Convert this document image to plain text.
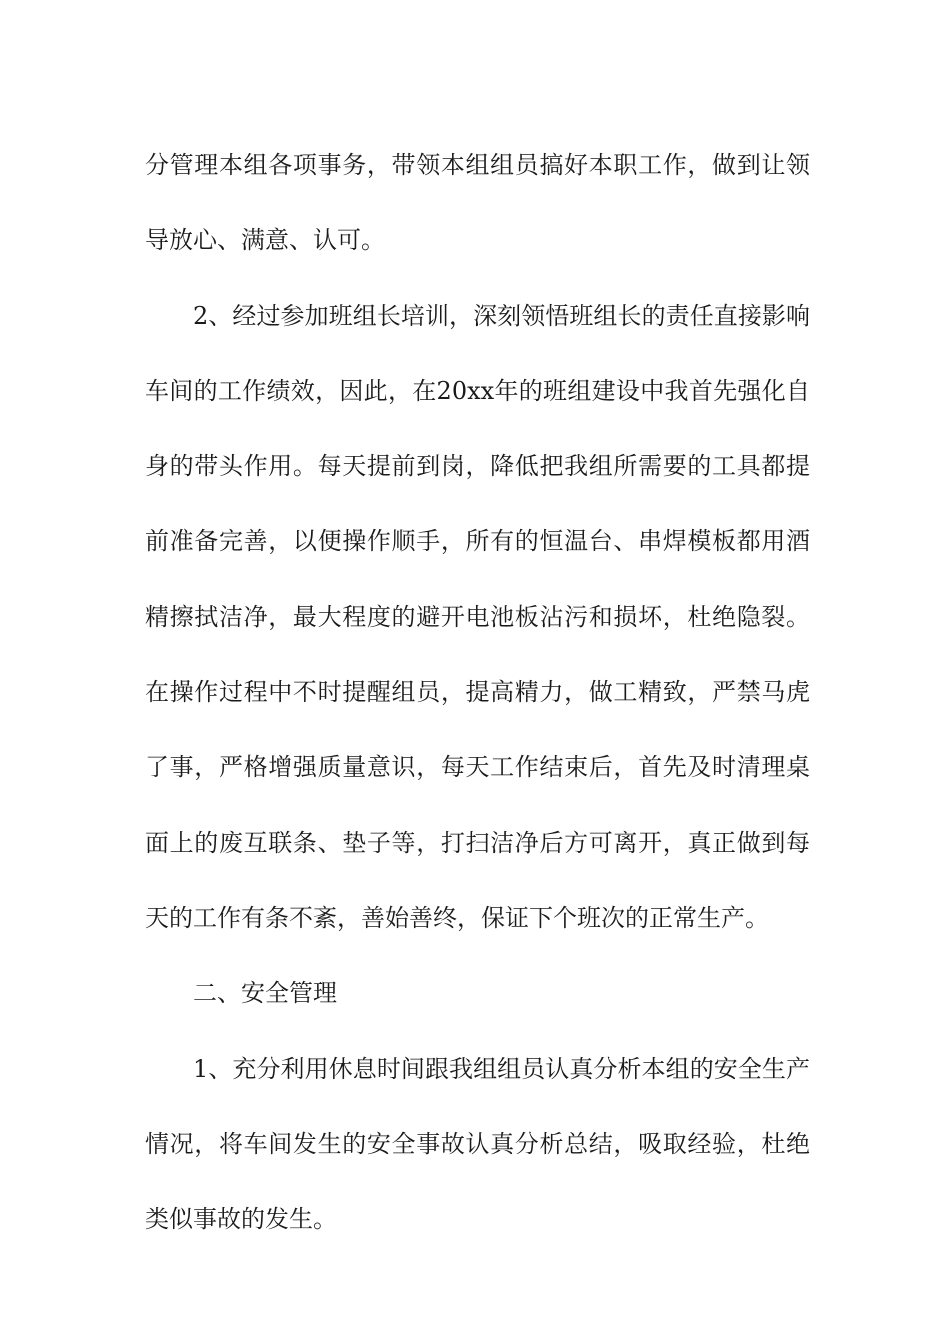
分管理本组各项事务，带领本组组员搞好本职工作，做到让领
导放心、满意、认可。
2、经过参加班组长培训，深刻领悟班组长的责任直接影响
车间的工作绩效，因此，在20xx年的班组建设中我首先强化自
身的带头作用。每天提前到岗，降低把我组所需要的工具都提
前准备完善，以便操作顺手，所有的恒温台、串焊模板都用酒
精擦拭洁净，最大程度的避开电池板沾污和损坏，杜绝隐裂。
在操作过程中不时提醒组员，提高精力，做工精致，严禁马虎
了事，严格增强质量意识，每天工作结束后，首先及时清理桌
面上的废互联条、垫子等，打扫洁净后方可离开，真正做到每
天的工作有条不紊，善始善终，保证下个班次的正常生产。
二、安全管理
1、充分利用休息时间跟我组组员认真分析本组的安全生产
情况，将车间发生的安全事故认真分析总结，吸取经验，杜绝
类似事故的发生。
